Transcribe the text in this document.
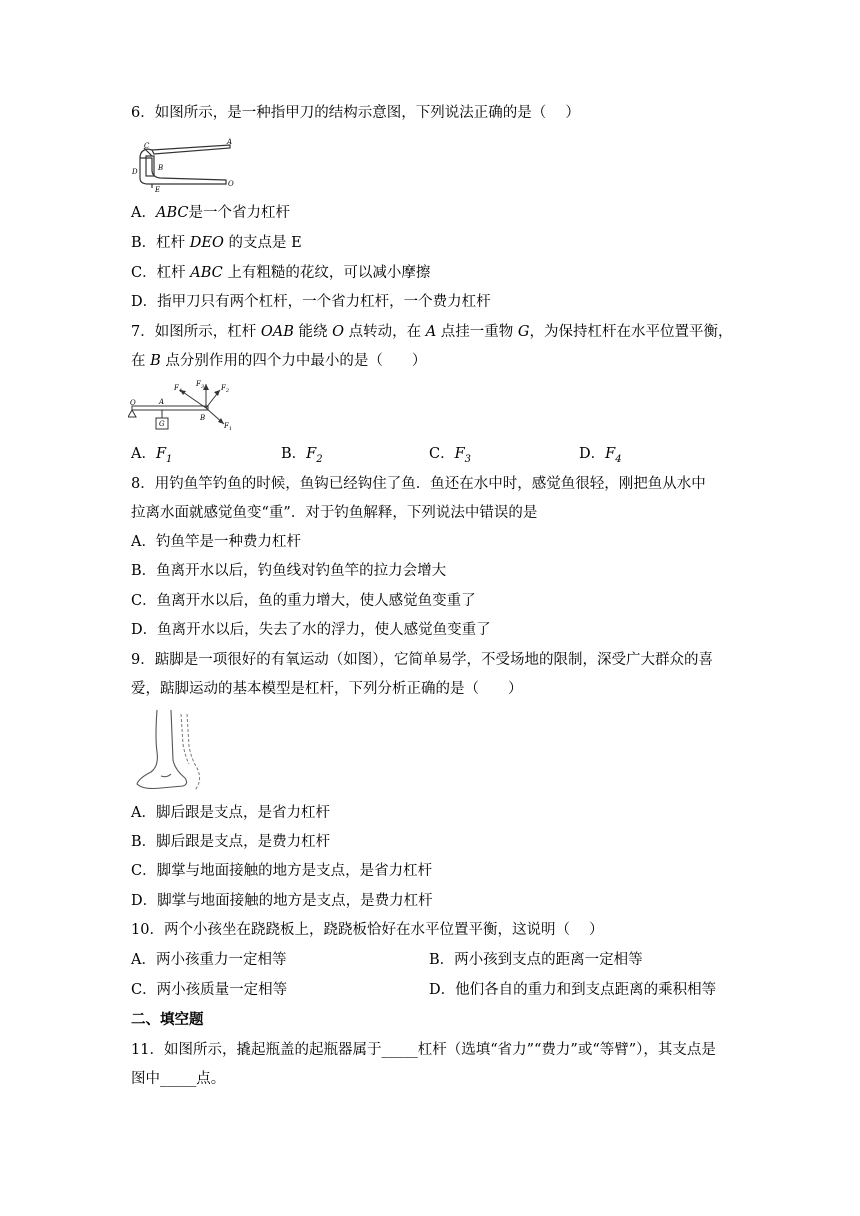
6．如图所示，是一种指甲刀的结构示意图，下列说法正确的是（　 ）
C	A
B
D
E
O
A．ABC是一个省力杠杆
B．杠杆 DEO 的支点是 E
C．杠杆 ABC 上有粗糙的花纹，可以减小摩擦
D．指甲刀只有两个杠杆，一个省力杠杆，一个费力杠杆
7．如图所示，杠杆 OAB 能绕 O 点转动，在 A 点挂一重物 G，为保持杠杆在水平位置平衡，
在 B 点分别作用的四个力中最小的是（　　）
O	A
B
G
$F_4$
$F_3$ $F_2$
$F_1$
A．$F_1$	B．$F_2$	C．$F_3$	D．$F_4$
8．用钓鱼竿钓鱼的时候，鱼钩已经钩住了鱼．鱼还在水中时，感觉鱼很轻，刚把鱼从水中
拉离水面就感觉鱼变“重”．对于钓鱼解释，下列说法中错误的是
A．钓鱼竿是一种费力杠杆
B．鱼离开水以后，钓鱼线对钓鱼竿的拉力会增大
C．鱼离开水以后，鱼的重力增大，使人感觉鱼变重了
D．鱼离开水以后，失去了水的浮力，使人感觉鱼变重了
9．踮脚是一项很好的有氧运动（如图），它简单易学，不受场地的限制，深受广大群众的喜
爱，踮脚运动的基本模型是杠杆，下列分析正确的是（　　）
A．脚后跟是支点，是省力杠杆
B．脚后跟是支点，是费力杠杆
C．脚掌与地面接触的地方是支点，是省力杠杆
D．脚掌与地面接触的地方是支点，是费力杠杆
10．两个小孩坐在跷跷板上，跷跷板恰好在水平位置平衡，这说明（　 ）
A．两小孩重力一定相等	B．两小孩到支点的距离一定相等
C．两小孩质量一定相等	D．他们各自的重力和到支点距离的乘积相等
二、填空题
11．如图所示，撬起瓶盖的起瓶器属于_____杠杆（选填“省力”“费力”或“等臂”），其支点是
图中_____点。
